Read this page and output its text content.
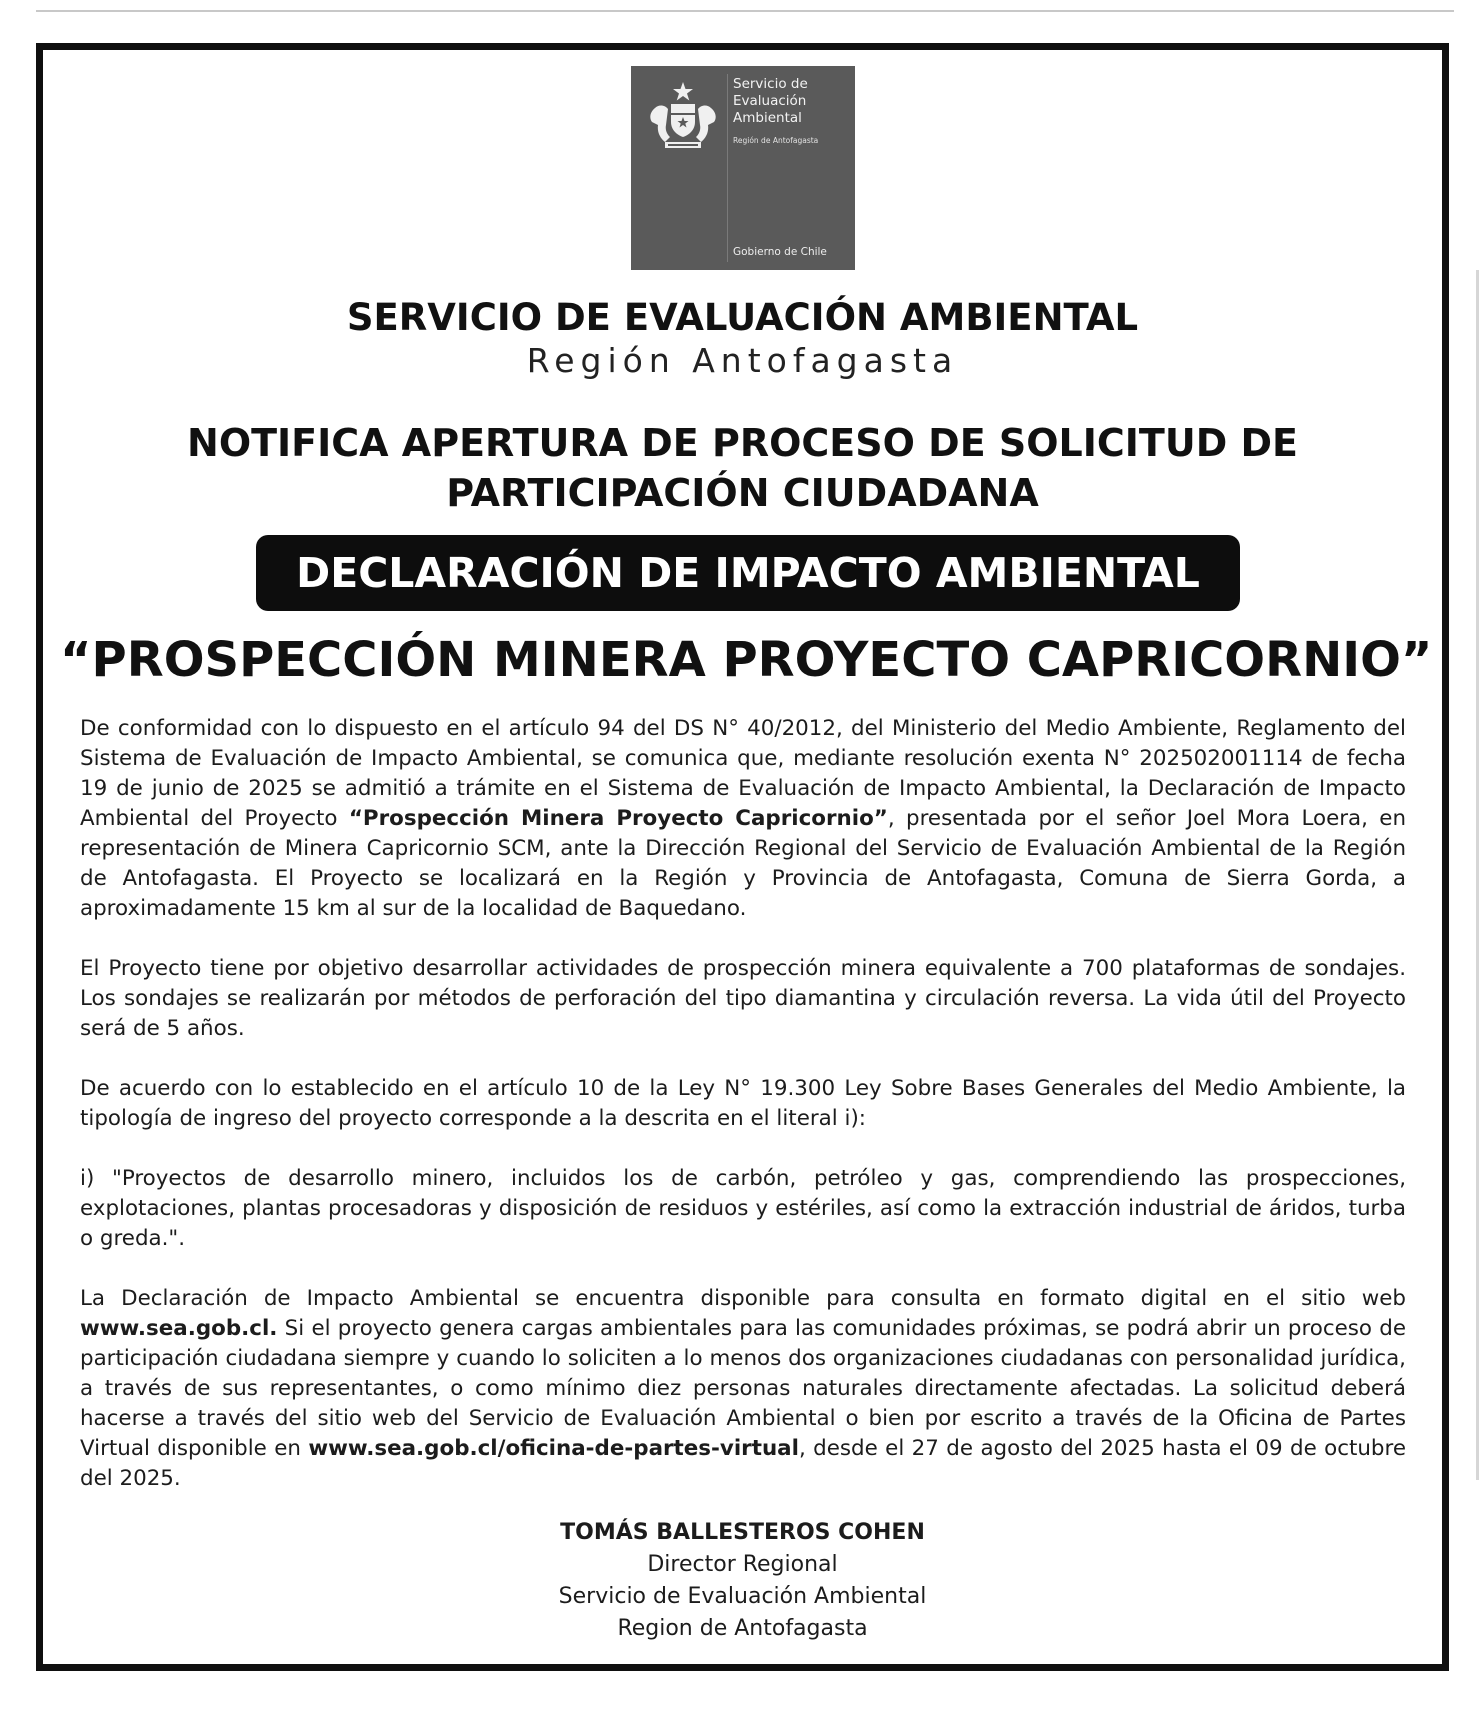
Servicio de
Evaluación
Ambiental
Región de Antofagasta
Gobierno de Chile
SERVICIO DE EVALUACIÓN AMBIENTAL
Región Antofagasta
NOTIFICA APERTURA DE PROCESO DE SOLICITUD DE
PARTICIPACIÓN CIUDADANA
DECLARACIÓN DE IMPACTO AMBIENTAL
“PROSPECCIÓN MINERA PROYECTO CAPRICORNIO”

De conformidad con lo dispuesto en el artículo 94 del DS N° 40/2012, del Ministerio del Medio Ambiente, Reglamento del Sistema de Evaluación de Impacto Ambiental, se comunica que, mediante resolución exenta N° 202502001114 de fecha 19 de junio de 2025 se admitió a trámite en el Sistema de Evaluación de Impacto Ambiental, la Declaración de Impacto Ambiental del Proyecto “Prospección Minera Proyecto Capricornio”, presentada por el señor Joel Mora Loera, en representación de Minera Capricornio SCM, ante la Dirección Regional del Servicio de Evaluación Ambiental de la Región de Antofagasta. El Proyecto se localizará en la Región y Provincia de Antofagasta, Comuna de Sierra Gorda, a aproximadamente 15 km al sur de la localidad de Baquedano.

El Proyecto tiene por objetivo desarrollar actividades de prospección minera equivalente a 700 plataformas de sondajes. Los sondajes se realizarán por métodos de perforación del tipo diamantina y circulación reversa. La vida útil del Proyecto será de 5 años.

De acuerdo con lo establecido en el artículo 10 de la Ley N° 19.300 Ley Sobre Bases Generales del Medio Ambiente, la tipología de ingreso del proyecto corresponde a la descrita en el literal i):

i) "Proyectos de desarrollo minero, incluidos los de carbón, petróleo y gas, comprendiendo las prospecciones, explotaciones, plantas procesadoras y disposición de residuos y estériles, así como la extracción industrial de áridos, turba o greda.".

La Declaración de Impacto Ambiental se encuentra disponible para consulta en formato digital en el sitio web www.sea.gob.cl. Si el proyecto genera cargas ambientales para las comunidades próximas, se podrá abrir un proceso de participación ciudadana siempre y cuando lo soliciten a lo menos dos organizaciones ciudadanas con personalidad jurídica, a través de sus representantes, o como mínimo diez personas naturales directamente afectadas. La solicitud deberá hacerse a través del sitio web del Servicio de Evaluación Ambiental o bien por escrito a través de la Oficina de Partes Virtual disponible en www.sea.gob.cl/oficina-de-partes-virtual, desde el 27 de agosto del 2025 hasta el 09 de octubre del 2025.

TOMÁS BALLESTEROS COHEN
Director Regional
Servicio de Evaluación Ambiental
Region de Antofagasta
